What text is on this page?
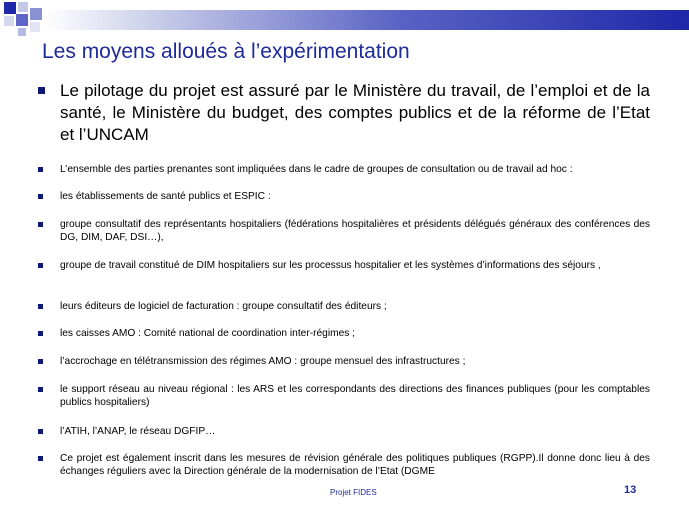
Les moyens alloués à l’expérimentation
Le pilotage du projet est assuré par le Ministère du travail, de l’emploi et de la santé, le Ministère du budget, des comptes publics et de la réforme de l’Etat et l’UNCAM
L’ensemble des parties prenantes sont impliquées dans le cadre de groupes de consultation ou de travail ad hoc :
les établissements de santé publics et ESPIC :
groupe consultatif des représentants hospitaliers (fédérations hospitalières et présidents délégués généraux des conférences des DG, DIM, DAF, DSI…),
groupe de travail constitué de DIM hospitaliers sur les processus hospitalier et les systèmes d’informations des séjours ,
leurs éditeurs de logiciel de facturation : groupe consultatif des éditeurs ;
les caisses AMO : Comité national de coordination inter-régimes ;
l’accrochage en télétransmission des régimes AMO : groupe mensuel des infrastructures ;
le support réseau au niveau régional : les ARS et les correspondants des directions des finances publiques (pour les comptables publics hospitaliers)
l’ATIH, l’ANAP, le réseau DGFIP…
Ce projet est également inscrit dans les mesures de révision générale des politiques publiques (RGPP).Il donne donc lieu à des échanges réguliers avec la Direction générale de la modernisation de l’Etat (DGME
Projet FIDES	13
